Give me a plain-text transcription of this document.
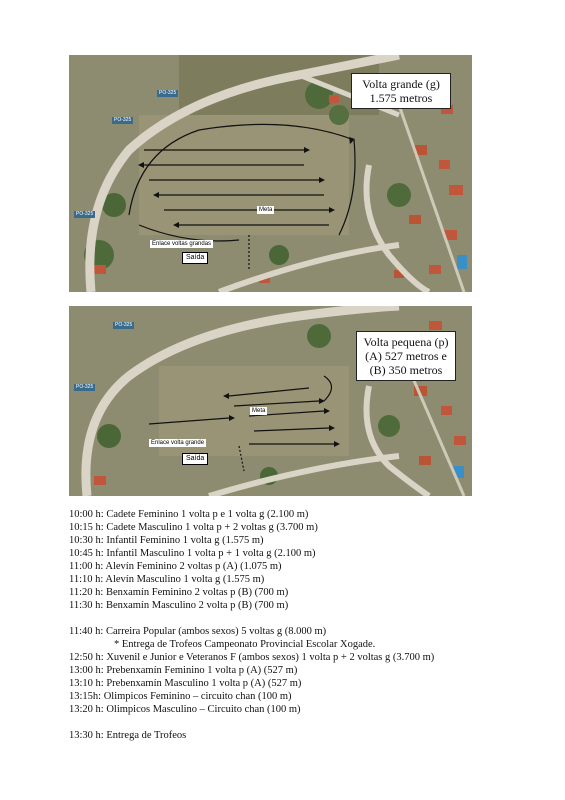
PO-325
PO-325
PO-325
Volta grande (g)
1.575 metros
Meta
Enlace voltas grandas
Saída
PO-325
PO-325
Volta pequena (p)
(A) 527 metros e
(B) 350 metros
Meta
Enlace volta grande
Saída
10:00 h: Cadete Feminino 1 volta p e 1 volta g (2.100 m)
10:15 h: Cadete Masculino 1 volta p + 2 voltas g (3.700 m)
10:30 h: Infantil Feminino 1 volta g (1.575 m)
10:45 h: Infantil Masculino 1 volta p + 1 volta g (2.100 m)
11:00 h: Alevín Feminino 2 voltas p (A) (1.075 m)
11:10 h: Alevín Masculino 1 volta g (1.575 m)
11:20 h: Benxamín Feminino 2 voltas p (B) (700 m)
11:30 h: Benxamín Masculino 2 volta p (B) (700 m)
11:40 h: Carreira Popular (ambos sexos) 5 voltas g (8.000 m)
* Entrega de Trofeos Campeonato Provincial Escolar Xogade.
12:50 h: Xuvenil e Junior e Veteranos F (ambos sexos) 1 volta p + 2 voltas g (3.700 m)
13:00 h: Prebenxamín Feminino 1 volta p (A) (527 m)
13:10 h: Prebenxamín Masculino 1 volta p (A) (527 m)
13:15h: Olimpicos Feminino – circuito chan (100 m)
13:20 h: Olimpicos Masculino – Circuito chan (100 m)
13:30 h: Entrega de Trofeos
